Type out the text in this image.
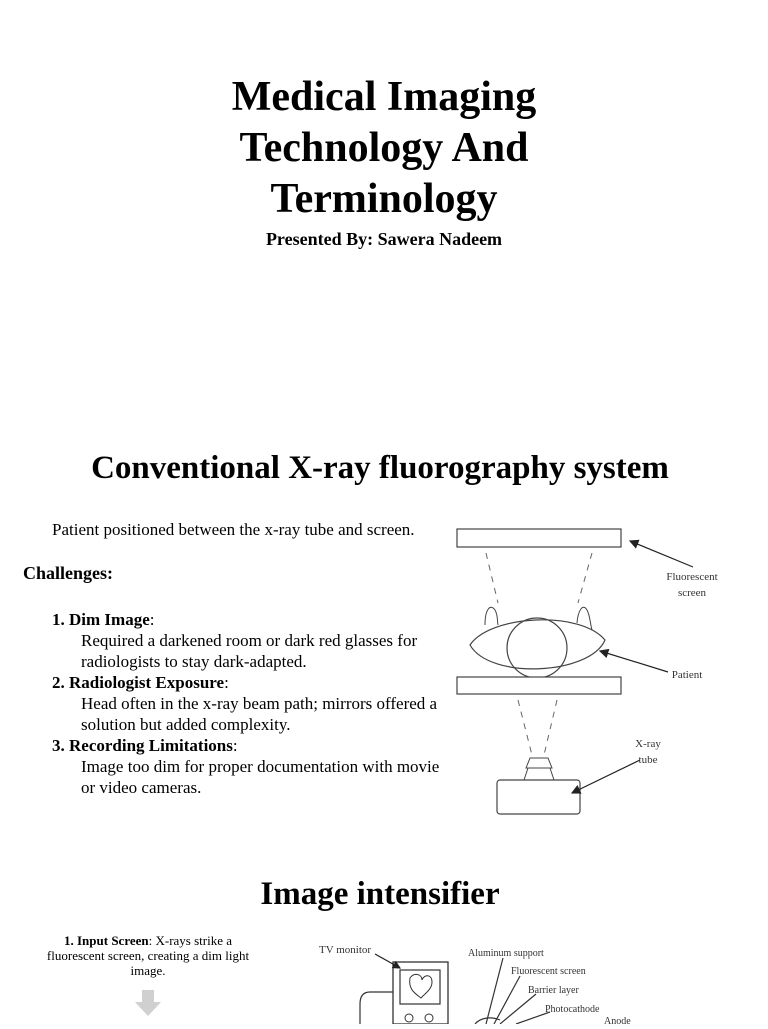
Medical Imaging
Technology And
Terminology
Presented By: Sawera Nadeem
Conventional X-ray fluorography system
Patient positioned between the x-ray tube and screen.
Challenges:
1. Dim Image:
Required a darkened room or dark red glasses for radiologists to stay dark-adapted.
2. Radiologist Exposure:
Head often in the x-ray beam path; mirrors offered a solution but added complexity.
3. Recording Limitations:
Image too dim for proper documentation with movie or video cameras.
Fluorescent
screen
Patient
X-ray
tube
Image intensifier
1. Input Screen: X-rays strike a fluorescent screen, creating a dim light image.
TV monitor	Aluminum support
Fluorescent screen
Barrier layer
Photocathode
Anode
